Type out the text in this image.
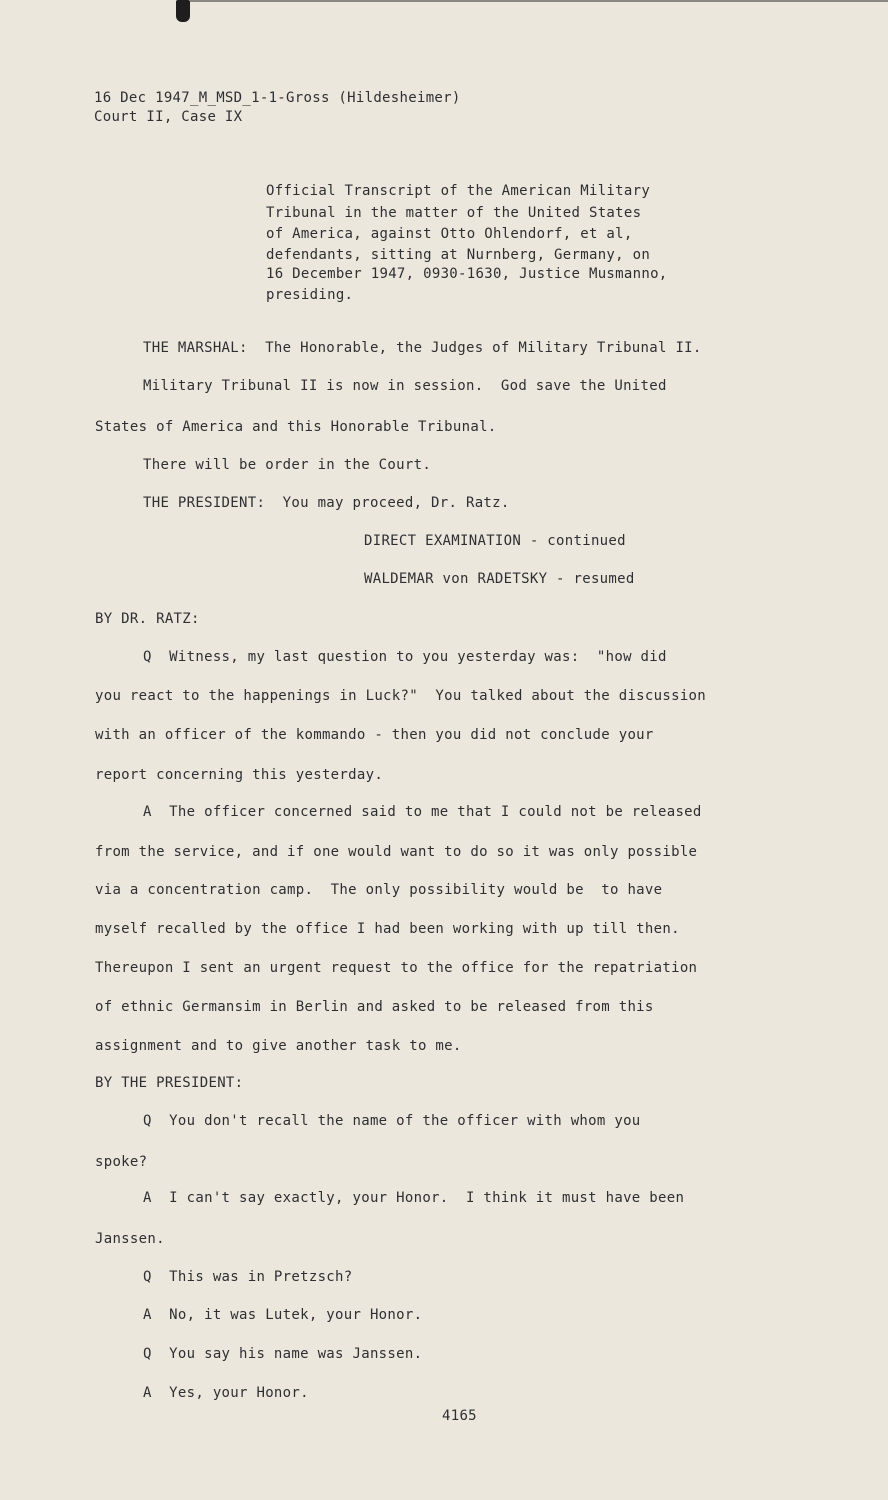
16 Dec 1947_M_MSD_1-1-Gross (Hildesheimer)
Court II, Case IX
Official Transcript of the American Military
Tribunal in the matter of the United States
of America, against Otto Ohlendorf, et al,
defendants, sitting at Nurnberg, Germany, on
16 December 1947, 0930-1630, Justice Musmanno,
presiding.
THE MARSHAL:  The Honorable, the Judges of Military Tribunal II.
Military Tribunal II is now in session.  God save the United
States of America and this Honorable Tribunal.
There will be order in the Court.
THE PRESIDENT:  You may proceed, Dr. Ratz.
DIRECT EXAMINATION - continued
WALDEMAR von RADETSKY - resumed
BY DR. RATZ:
Q  Witness, my last question to you yesterday was:  "how did
you react to the happenings in Luck?"  You talked about the discussion
with an officer of the kommando - then you did not conclude your
report concerning this yesterday.
A  The officer concerned said to me that I could not be released
from the service, and if one would want to do so it was only possible
via a concentration camp.  The only possibility would be  to have
myself recalled by the office I had been working with up till then.
Thereupon I sent an urgent request to the office for the repatriation
of ethnic Germansim in Berlin and asked to be released from this
assignment and to give another task to me.
BY THE PRESIDENT:
Q  You don't recall the name of the officer with whom you
spoke?
A  I can't say exactly, your Honor.  I think it must have been
Janssen.
Q  This was in Pretzsch?
A  No, it was Lutek, your Honor.
Q  You say his name was Janssen.
A  Yes, your Honor.
4165
